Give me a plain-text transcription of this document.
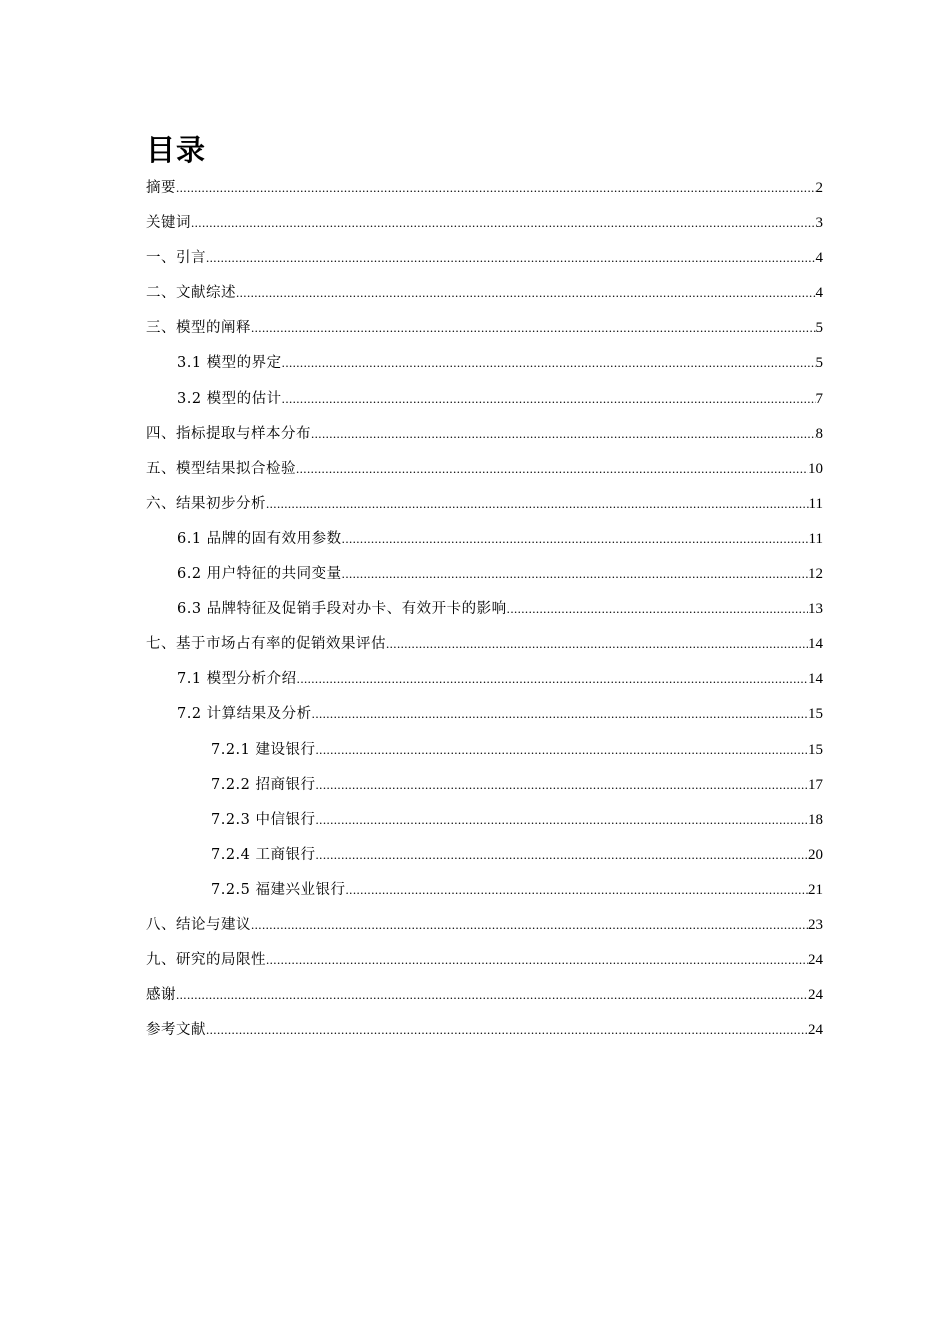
目录
摘要 .....	2
关键词 .....	3
一、引言 .....	4
二、文献综述 .....	4
三、模型的阐释 .....	5
3.1 模型的界定 .....	5
3.2 模型的估计 .....	7
四、指标提取与样本分布 .....	8
五、模型结果拟合检验 .....	10
六、结果初步分析 .....	11
6.1 品牌的固有效用参数 .....	11
6.2 用户特征的共同变量 .....	12
6.3 品牌特征及促销手段对办卡、有效开卡的影响 .....	13
七、基于市场占有率的促销效果评估 .....	14
7.1 模型分析介绍 .....	14
7.2 计算结果及分析 .....	15
7.2.1 建设银行 .....	15
7.2.2 招商银行 .....	17
7.2.3 中信银行 .....	18
7.2.4 工商银行 .....	20
7.2.5 福建兴业银行 .....	21
八、结论与建议 .....	23
九、研究的局限性 .....	24
感谢 .....	24
参考文献 .....	24
